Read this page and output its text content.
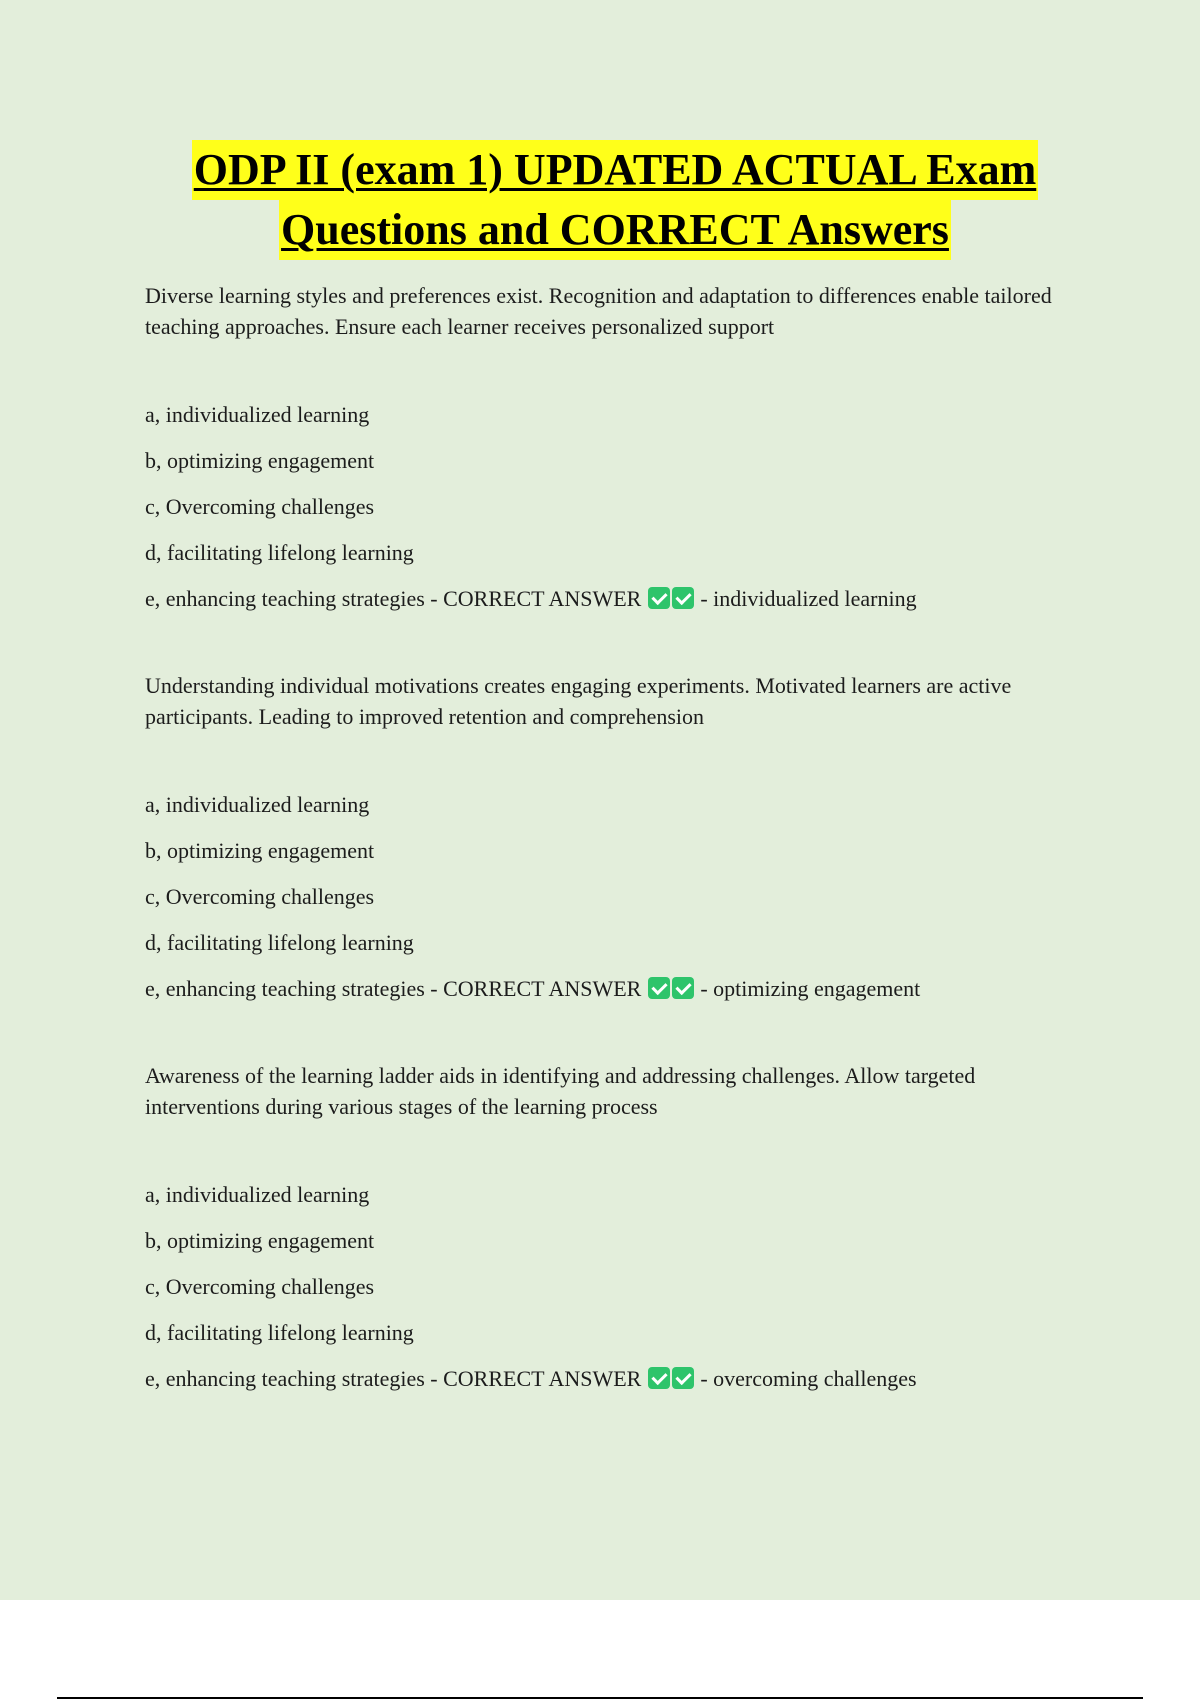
ODP II (exam 1) UPDATED ACTUAL Exam
Questions and CORRECT Answers

Diverse learning styles and preferences exist. Recognition and adaptation to differences enable tailored teaching approaches. Ensure each learner receives personalized support

a, individualized learning
b, optimizing engagement
c, Overcoming challenges
d, facilitating lifelong learning
e, enhancing teaching strategies - CORRECT ANSWER	- individualized learning

Understanding individual motivations creates engaging experiments. Motivated learners are active participants. Leading to improved retention and comprehension

a, individualized learning
b, optimizing engagement
c, Overcoming challenges
d, facilitating lifelong learning
e, enhancing teaching strategies - CORRECT ANSWER	- optimizing engagement

Awareness of the learning ladder aids in identifying and addressing challenges. Allow targeted interventions during various stages of the learning process

a, individualized learning
b, optimizing engagement
c, Overcoming challenges
d, facilitating lifelong learning
e, enhancing teaching strategies - CORRECT ANSWER	- overcoming challenges
